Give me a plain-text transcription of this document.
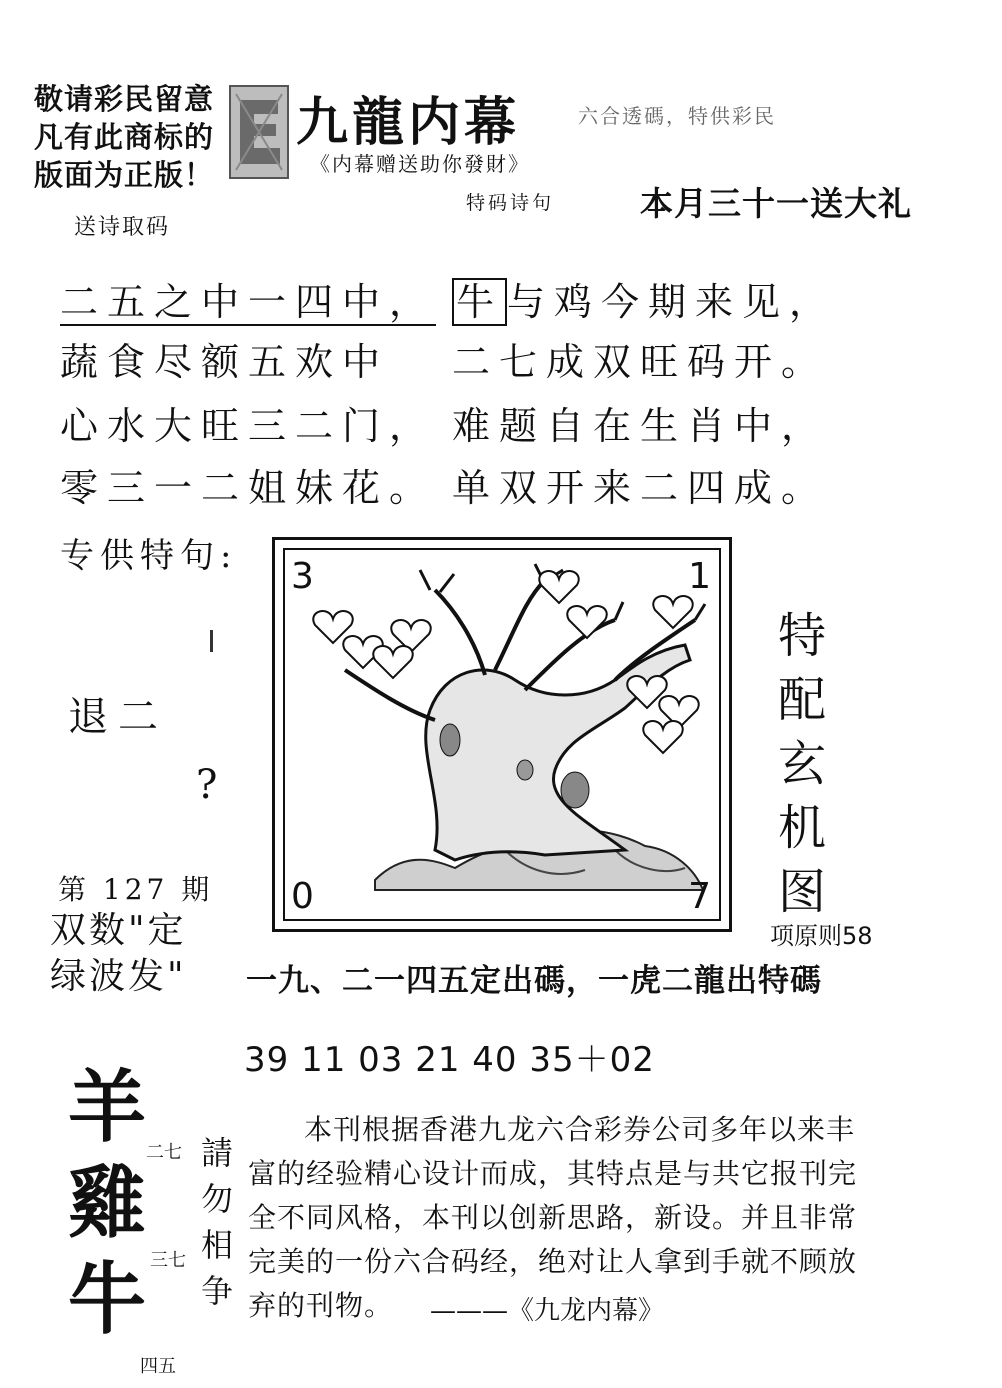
敬请彩民留意
凡有此商标的
版面为正版！
送诗取码
九龍内幕	六合透碼，特供彩民
《内幕赠送助你發財》
特码诗句	本月三十一送大礼
二五之中一四中，
蔬食尽额五欢中
心水大旺三二门，
零三一二姐妹花。
牛 与鸡今期来见，
二七成双旺码开。
难题自在生肖中，
单双开来二四成。
专供特句:
退二
?
3	1
0	7
特
配
玄
机
图
项原则58
第 127 期
双数"定
绿波发" 一九、二一四五定出碼，一虎二龍出特碼
39 11 03 21 40 35＋02
羊
雞
牛
二七
三七
四五
請
勿
相
争

本刊根据香港九龙六合彩券公司多年以来丰富的经验精心设计而成，其特点是与共它报刊完全不同风格，本刊以创新思路，新设。并且非常完美的一份六合码经，绝对让人拿到手就不顾放弃的刊物。	———《九龙内幕》
